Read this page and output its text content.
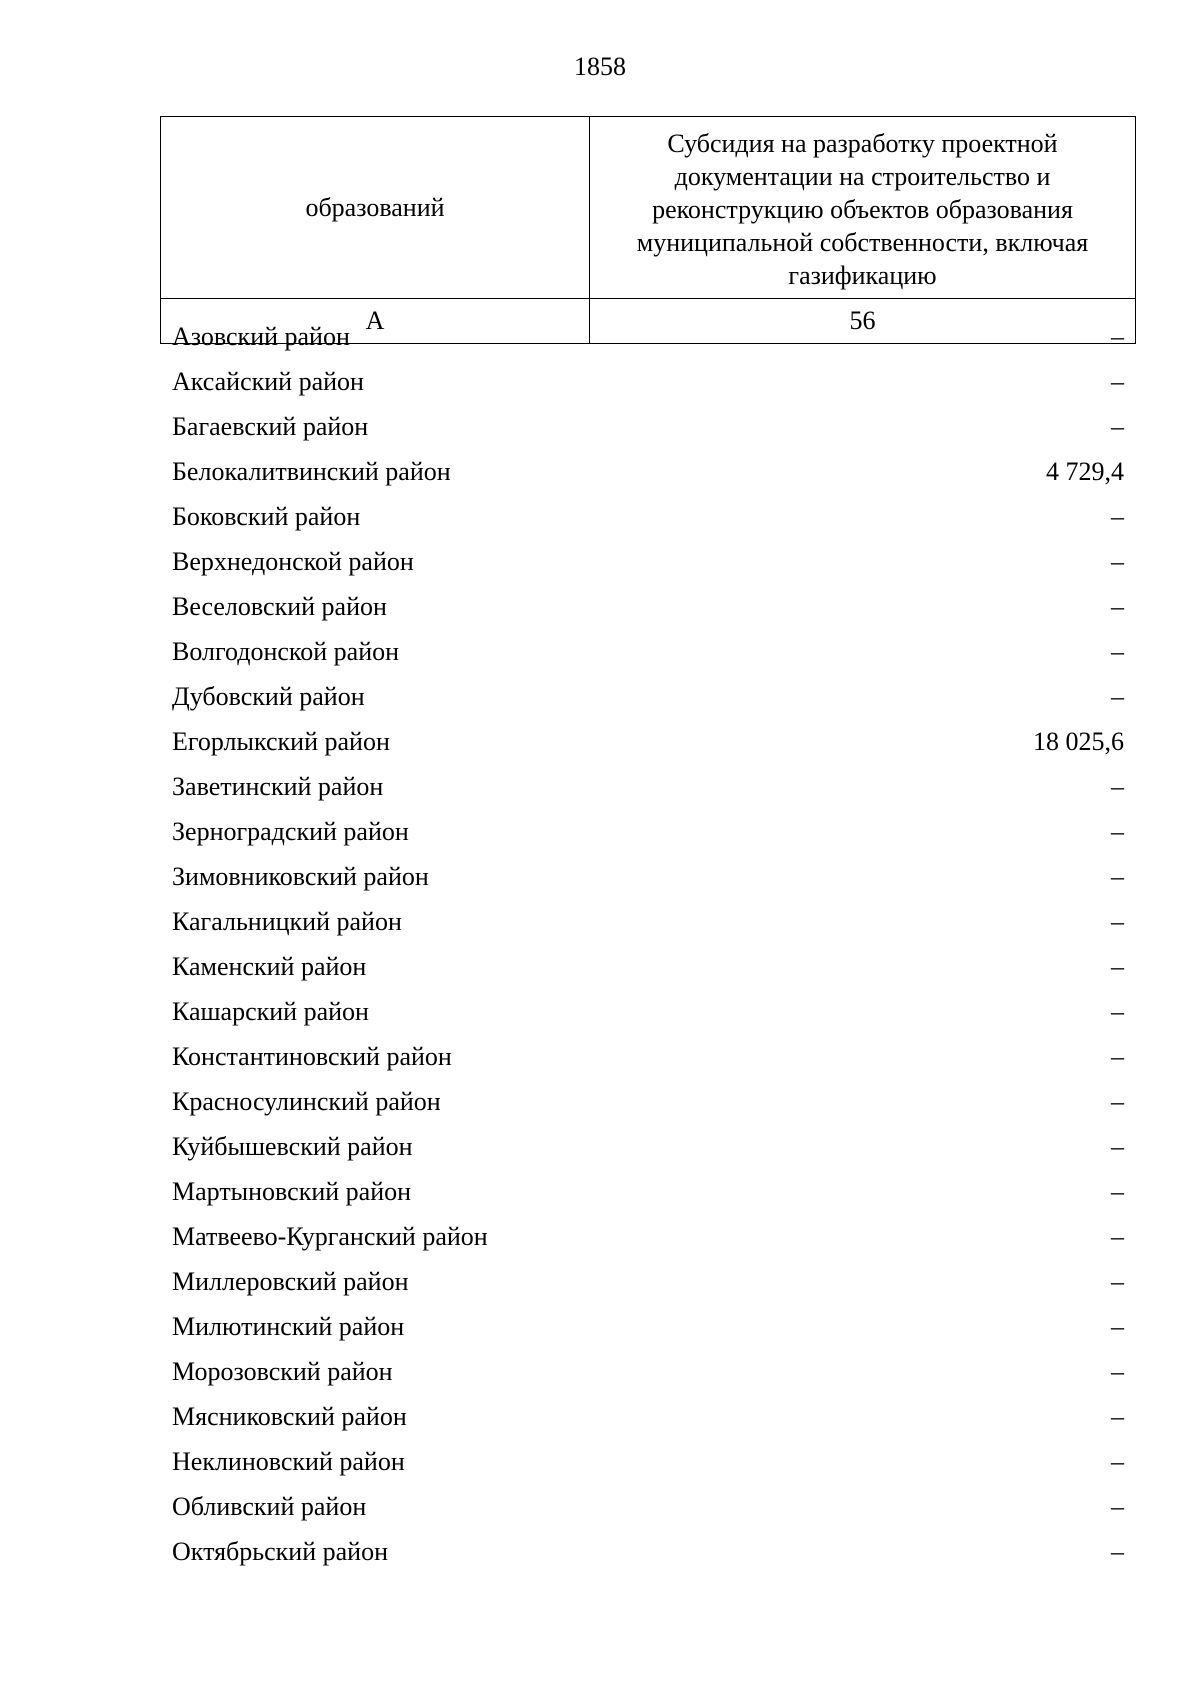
1858
образований	Субсидия на разработку проектной документации на строительство и реконструкцию объектов образования муниципальной собственности, включая газификацию

А	56
Азовский район	–
Аксайский район	–
Багаевский район	–
Белокалитвинский район	4 729,4
Боковский район	–
Верхнедонской район	–
Веселовский район	–
Волгодонской район	–
Дубовский район	–
Егорлыкский район	18 025,6
Заветинский район	–
Зерноградский район	–
Зимовниковский район	–
Кагальницкий район	–
Каменский район	–
Кашарский район	–
Константиновский район	–
Красносулинский район	–
Куйбышевский район	–
Мартыновский район	–
Матвеево-Курганский район	–
Миллеровский район	–
Милютинский район	–
Морозовский район	–
Мясниковский район	–
Неклиновский район	–
Обливский район	–
Октябрьский район	–
